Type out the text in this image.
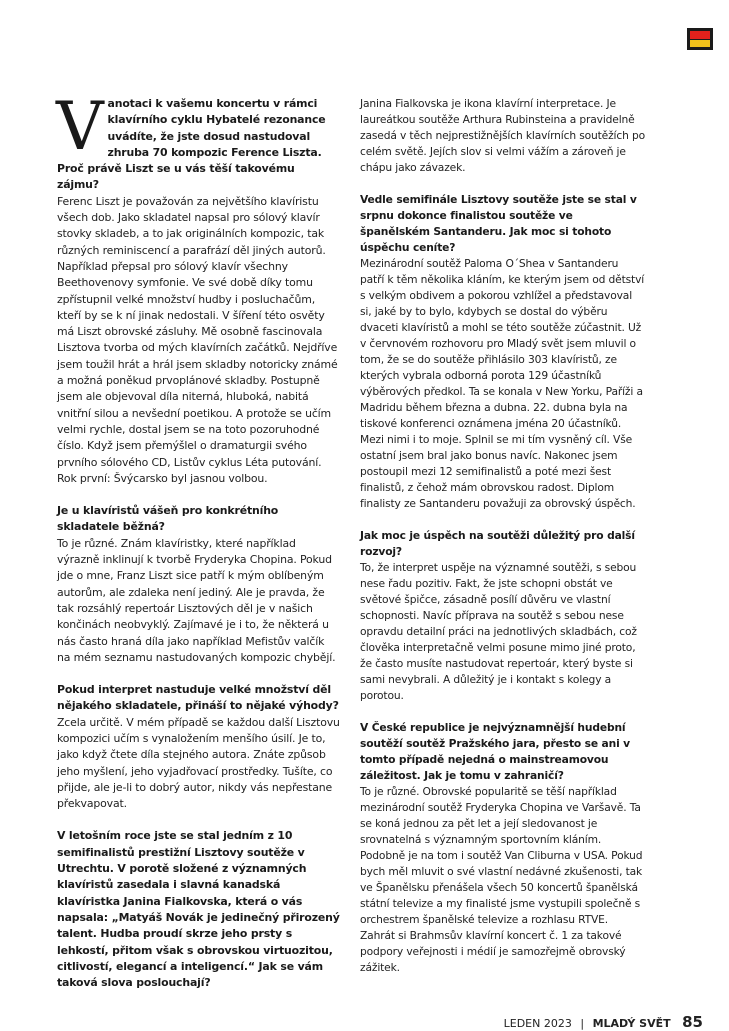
V anotaci k vašemu koncertu v rámci klavírního cyklu Hybatelé rezonance uvádíte, že jste dosud nastudoval zhruba 70 kompozic Ference Liszta. Proč právě Liszt se u vás těší takovému zájmu?

Ferenc Liszt je považován za největšího klavíristu všech dob. Jako skladatel napsal pro sólový klavír stovky skladeb, a to jak originálních kompozic, tak různých reminiscencí a parafrází děl jiných autorů. Například přepsal pro sólový klavír všechny Beethovenovy symfonie. Ve své době díky tomu zpřístupnil velké množství hudby i posluchačům, kteří by se k ní jinak nedostali. V šíření této osvěty má Liszt obrovské zásluhy. Mě osobně fascinovala Lisztova tvorba od mých klavírních začátků. Nejdříve jsem toužil hrát a hrál jsem skladby notoricky známé a možná poněkud prvoplánové skladby. Postupně jsem ale objevoval díla niterná, hluboká, nabitá vnitřní silou a nevšední poetikou. A protože se učím velmi rychle, dostal jsem se na toto pozoruhodné číslo. Když jsem přemýšlel o dramaturgii svého prvního sólového CD, Listův cyklus Léta putování. Rok první: Švýcarsko byl jasnou volbou.

Je u klavíristů vášeň pro konkrétního skladatele běžná?

To je různé. Znám klavíristky, které například výrazně inklinují k tvorbě Fryderyka Chopina. Pokud jde o mne, Franz Liszt sice patří k mým oblíbeným autorům, ale zdaleka není jediný. Ale je pravda, že tak rozsáhlý repertoár Lisztových děl je v našich končinách neobvyklý. Zajímavé je i to, že některá u nás často hraná díla jako například Mefistův valčík na mém seznamu nastudovaných kompozic chybějí.

Pokud interpret nastuduje velké množství děl nějakého skladatele, přináší to nějaké výhody?

Zcela určitě. V mém případě se každou další Lisztovu kompozici učím s vynaložením menšího úsilí. Je to, jako když čtete díla stejného autora. Znáte způsob jeho myšlení, jeho vyjadřovací prostředky. Tušíte, co přijde, ale je-li to dobrý autor, nikdy vás nepřestane překvapovat.

V letošním roce jste se stal jedním z 10 semifinalistů prestižní Lisztovy soutěže v Utrechtu. V porotě složené z významných klavíristů zasedala i slavná kanadská klavíristka Janina Fialkovska, která o vás napsala: „Matyáš Novák je jedinečný přirozený talent. Hudba proudí skrze jeho prsty s lehkostí, přitom však s obrovskou virtuozitou, citlivostí, elegancí a inteligencí.“ Jak se vám taková slova poslouchají?

Janina Fialkovska je ikona klavírní interpretace. Je laureátkou soutěže Arthura Rubinsteina a pravidelně zasedá v těch nejprestižnějších klavírních soutěžích po celém světě. Jejích slov si velmi vážím a zároveň je chápu jako závazek.

Vedle semifinále Lisztovy soutěže jste se stal v srpnu dokonce finalistou soutěže ve španělském Santanderu. Jak moc si tohoto úspěchu ceníte?

Mezinárodní soutěž Paloma O´Shea v Santanderu patří k těm několika kláním, ke kterým jsem od dětství s velkým obdivem a pokorou vzhlížel a představoval si, jaké by to bylo, kdybych se dostal do výběru dvaceti klavíristů a mohl se této soutěže zúčastnit. Už v červnovém rozhovoru pro Mladý svět jsem mluvil o tom, že se do soutěže přihlásilo 303 klavíristů, ze kterých vybrala odborná porota 129 účastníků výběrových předkol. Ta se konala v New Yorku, Paříži a Madridu během března a dubna. 22. dubna byla na tiskové konferenci oznámena jména 20 účastníků. Mezi nimi i to moje. Splnil se mi tím vysněný cíl. Vše ostatní jsem bral jako bonus navíc. Nakonec jsem postoupil mezi 12 semifinalistů a poté mezi šest finalistů, z čehož mám obrovskou radost. Diplom finalisty ze Santanderu považuji za obrovský úspěch.

Jak moc je úspěch na soutěži důležitý pro další rozvoj?

To, že interpret uspěje na významné soutěži, s sebou nese řadu pozitiv. Fakt, že jste schopni obstát ve světové špičce, zásadně posílí důvěru ve vlastní schopnosti. Navíc příprava na soutěž s sebou nese opravdu detailní práci na jednotlivých skladbách, což člověka interpretačně velmi posune mimo jiné proto, že často musíte nastudovat repertoár, který byste si sami nevybrali. A důležitý je i kontakt s kolegy a porotou.

V České republice je nejvýznamnější hudební soutěží soutěž Pražského jara, přesto se ani v tomto případě nejedná o mainstreamovou záležitost. Jak je tomu v zahraničí?

To je různé. Obrovské popularitě se těší například mezinárodní soutěž Fryderyka Chopina ve Varšavě. Ta se koná jednou za pět let a její sledovanost je srovnatelná s významným sportovním kláním. Podobně je na tom i soutěž Van Cliburna v USA. Pokud bych měl mluvit o své vlastní nedávné zkušenosti, tak ve Španělsku přenášela všech 50 koncertů španělská státní televize a my finalisté jsme vystupili společně s orchestrem španělské televize a rozhlasu RTVE. Zahrát si Brahmsův klavírní koncert č. 1 za takové podpory veřejnosti i médií je samozřejmě obrovský zážitek.

LEDEN 2023 | MLADÝ SVĚT 85
